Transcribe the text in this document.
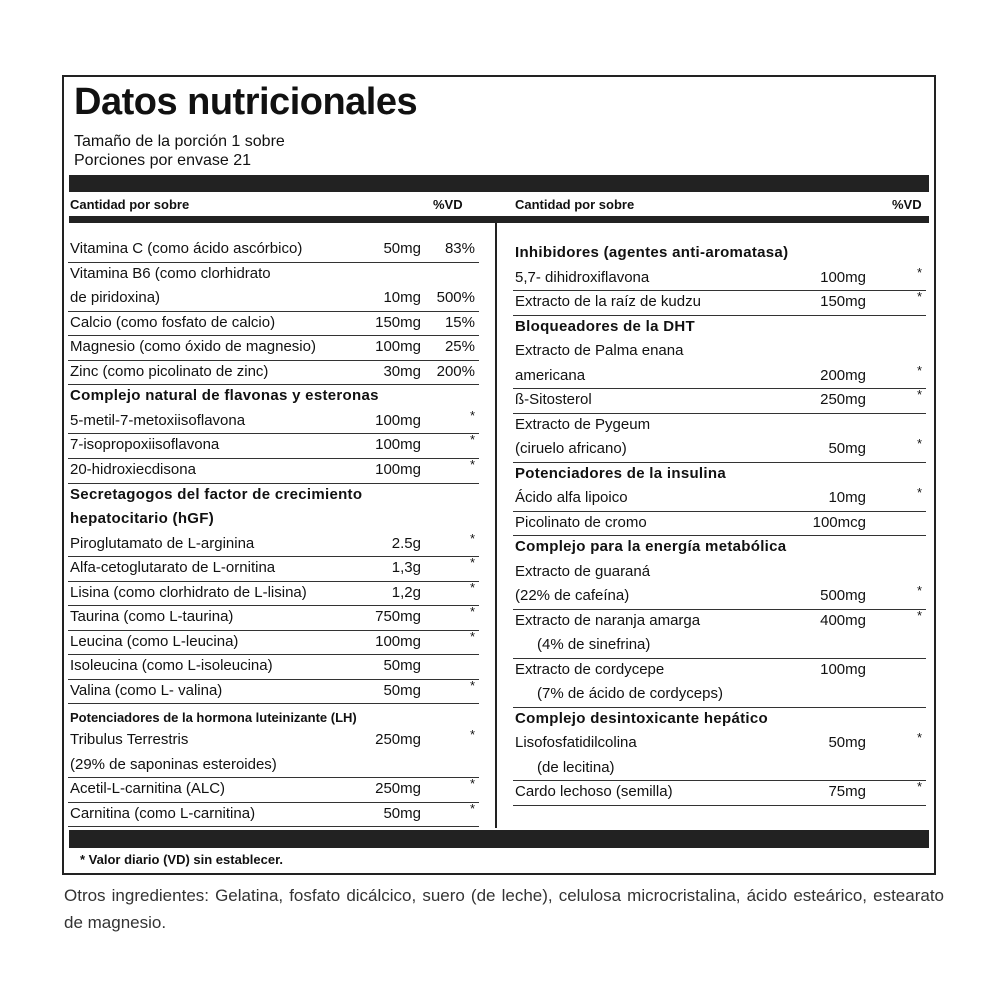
Datos nutricionales
Tamaño de la porción 1 sobre
Porciones por envase 21
Cantidad por sobre	%VD	Cantidad por sobre	%VD
Vitamina C (como ácido ascórbico)	50mg 83%
Vitamina B6 (como clorhidrato
de piridoxina)	10mg 500%
Calcio (como fosfato de calcio)	150mg 15%
Magnesio (como óxido de magnesio)	100mg 25%
Zinc (como picolinato de zinc)	30mg 200%
Complejo natural de flavonas y esteronas
5-metil-7-metoxiisoflavona	100mg	*
7-isopropoxiisoflavona	100mg	*
20-hidroxiecdisona	100mg	*
Secretagogos del factor de crecimiento
hepatocitario (hGF)
Piroglutamato de L-arginina	2.5g	*
Alfa-cetoglutarato de L-ornitina	1,3g	*
Lisina (como clorhidrato de L-lisina)	1,2g	*
Taurina (como L-taurina)	750mg	*
Leucina (como L-leucina)	100mg	*
Isoleucina (como L-isoleucina)	50mg
Valina (como L- valina)	50mg	*
Potenciadores de la hormona luteinizante (LH)
Tribulus Terrestris	250mg	*
(29% de saponinas esteroides)
Acetil-L-carnitina (ALC)	250mg	*
Carnitina (como L-carnitina)	50mg	*
Inhibidores (agentes anti-aromatasa)
5,7- dihidroxiflavona	100mg	*
Extracto de la raíz de kudzu	150mg	*
Bloqueadores de la DHT
Extracto de Palma enana
americana	200mg	*
ß-Sitosterol	250mg	*
Extracto de Pygeum
(ciruelo africano)	50mg	*
Potenciadores de la insulina
Ácido alfa lipoico	10mg	*
Picolinato de cromo	100mcg
Complejo para la energía metabólica
Extracto de guaraná
(22% de cafeína)	500mg	*
Extracto de naranja amarga	400mg	*
(4% de sinefrina)
Extracto de cordycepe	100mg
(7% de ácido de cordyceps)
Complejo desintoxicante hepático
Lisofosfatidilcolina	50mg	*
(de lecitina)
Cardo lechoso (semilla)	75mg	*
* Valor diario (VD) sin establecer.
Otros ingredientes: Gelatina, fosfato dicálcico, suero (de leche), celulosa microcristalina, ácido esteárico, estearato de magnesio.
